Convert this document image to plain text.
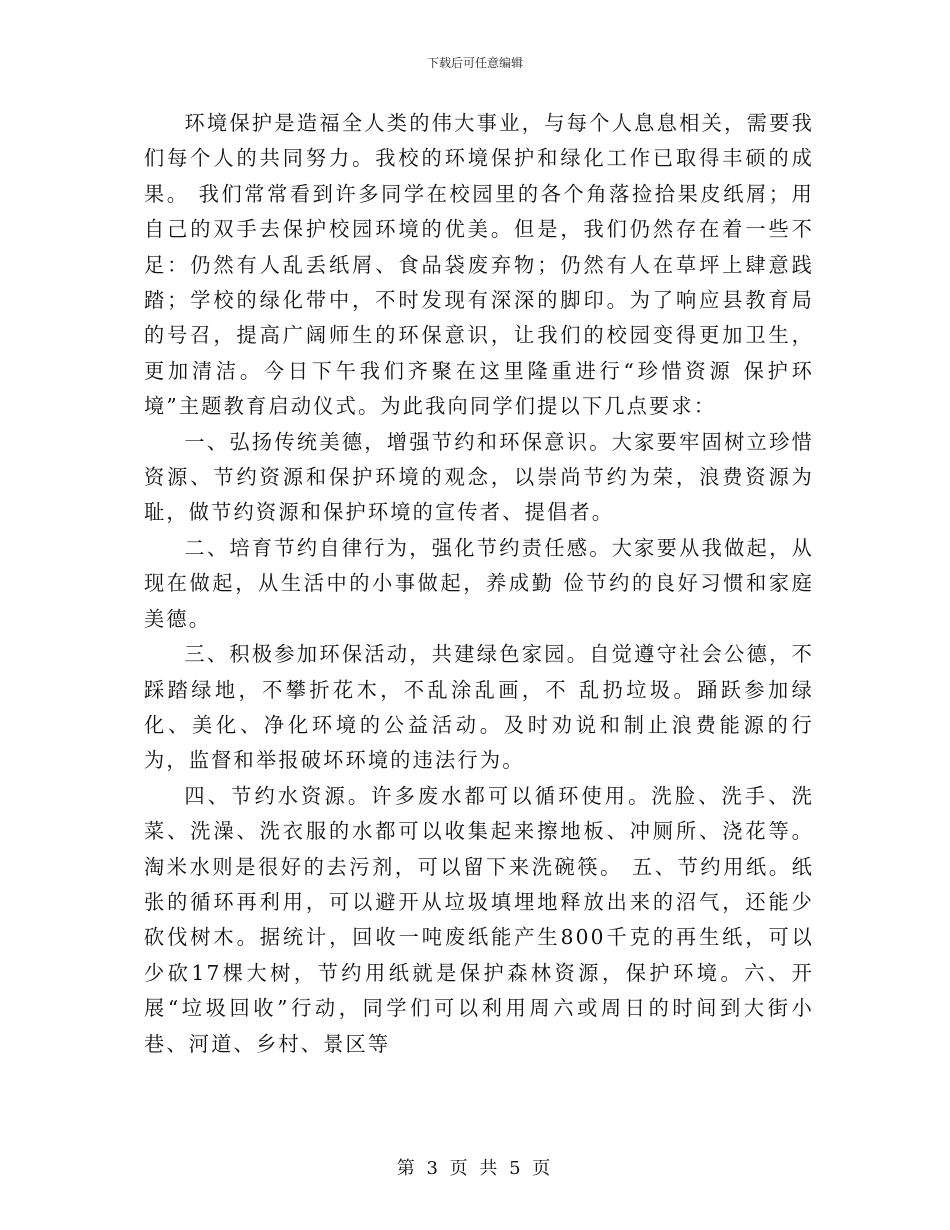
下载后可任意编辑

环境保护是造福全人类的伟大事业，与每个人息息相关，需要我们每个人的共同努力。我校的环境保护和绿化工作已取得丰硕的成果。 我们常常看到许多同学在校园里的各个角落捡拾果皮纸屑；用自己的双手去保护校园环境的优美。但是，我们仍然存在着一些不足：仍然有人乱丢纸屑、食品袋废弃物；仍然有人在草坪上肆意践踏；学校的绿化带中，不时发现有深深的脚印。为了响应县教育局的号召，提高广阔师生的环保意识，让我们的校园变得更加卫生，更加清洁。今日下午我们齐聚在这里隆重进行“珍惜资源 保护环境”主题教育启动仪式。为此我向同学们提以下几点要求：

一、弘扬传统美德，增强节约和环保意识。大家要牢固树立珍惜资源、节约资源和保护环境的观念，以崇尚节约为荣，浪费资源为耻，做节约资源和保护环境的宣传者、提倡者。

二、培育节约自律行为，强化节约责任感。大家要从我做起，从现在做起，从生活中的小事做起，养成勤 俭节约的良好习惯和家庭美德。

三、积极参加环保活动，共建绿色家园。自觉遵守社会公德，不踩踏绿地，不攀折花木，不乱涂乱画，不 乱扔垃圾。踊跃参加绿化、美化、净化环境的公益活动。及时劝说和制止浪费能源的行为，监督和举报破坏环境的违法行为。

四、节约水资源。许多废水都可以循环使用。洗脸、洗手、洗菜、洗澡、洗衣服的水都可以收集起来擦地板、冲厕所、浇花等。淘米水则是很好的去污剂，可以留下来洗碗筷。 五、节约用纸。纸张的循环再利用，可以避开从垃圾填埋地释放出来的沼气，还能少砍伐树木。据统计，回收一吨废纸能产生800千克的再生纸，可以少砍17棵大树，节约用纸就是保护森林资源，保护环境。六、开展“垃圾回收”行动，同学们可以利用周六或周日的时间到大街小巷、河道、乡村、景区等

第 3 页 共 5 页
